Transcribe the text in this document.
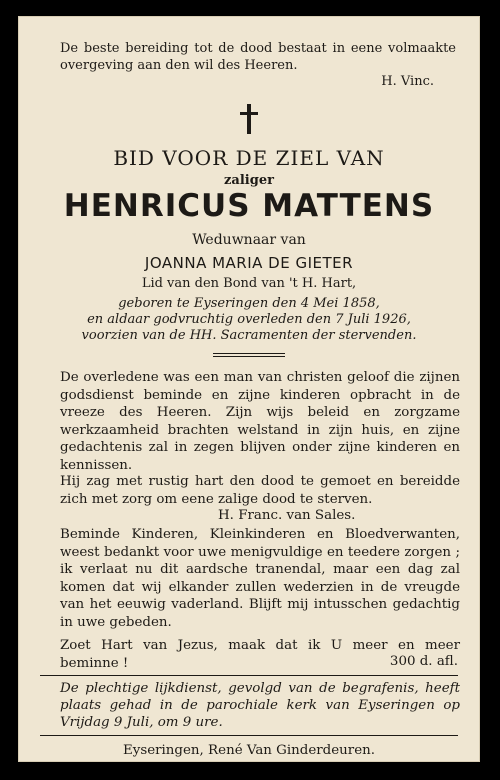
De beste bereiding tot de dood bestaat in eene volmaakte overgeving aan den wil des Heeren.
H. Vinc.
BID VOOR DE ZIEL VAN
zaliger
HENRICUS MATTENS
Weduwnaar van
JOANNA MARIA DE GIETER
Lid van den Bond van 't H. Hart,
geboren te Eyseringen den 4 Mei 1858,
en aldaar godvruchtig overleden den 7 Juli 1926,
voorzien van de HH. Sacramenten der stervenden.
De overledene was een man van christen geloof die zijnen godsdienst beminde en zijne kinderen opbracht in de vreeze des Heeren. Zijn wijs beleid en zorgzame werkzaamheid brachten welstand in zijn huis, en zijne gedachtenis zal in zegen blijven onder zijne kinderen en kennissen.
Hij zag met rustig hart den dood te gemoet en bereidde zich met zorg om eene zalige dood te sterven.
H. Franc. van Sales.
Beminde Kinderen, Kleinkinderen en Bloedverwanten, weest bedankt voor uwe menigvuldige en teedere zorgen ; ik verlaat nu dit aardsche tranendal, maar een dag zal komen dat wij elkander zullen wederzien in de vreugde van het eeuwig vaderland. Blijft mij intusschen gedachtig in uwe gebeden.
Zoet Hart van Jezus, maak dat ik U meer en meer beminne !	300 d. afl.
De plechtige lijkdienst, gevolgd van de begrafenis, heeft plaats gehad in de parochiale kerk van Eyseringen op Vrijdag 9 Juli, om 9 ure.
Eyseringen, René Van Ginderdeuren.
